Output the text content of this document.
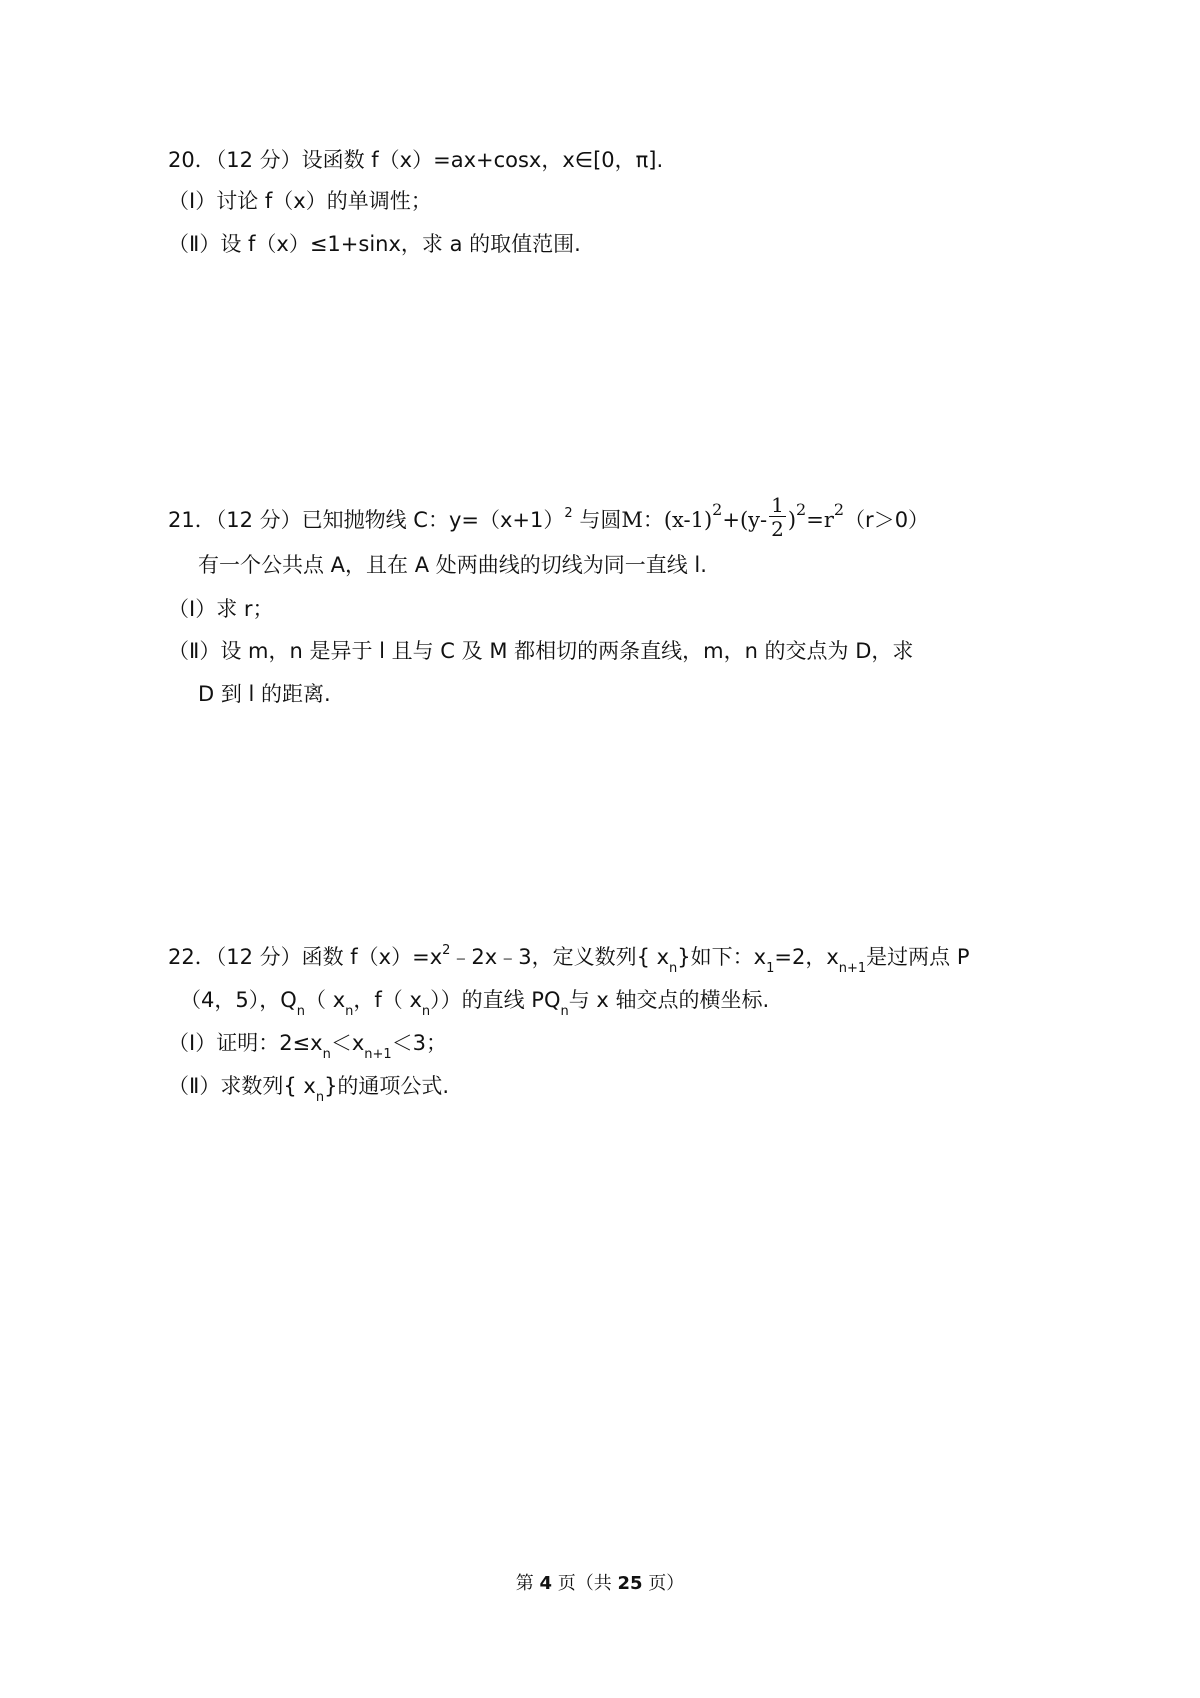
20．（12 分）设函数 f（x）=ax+cosx，x∈[0，π].
（Ⅰ）讨论 f（x）的单调性；
（Ⅱ）设 f（x）≤1+sinx，求 a 的取值范围.
21．（12 分）已知抛物线 C：$y=(x+1)^2$ 与圆M：$(x-1)^2+(y- \frac{1}{2} )^2=r^2(r>0)$
有一个公共点 A，且在 A 处两曲线的切线为同一直线 l.
（Ⅰ）求 r；
（Ⅱ）设 m，n 是异于 l 且与 C 及 M 都相切的两条直线，m，n 的交点为 D，求
D 到 l 的距离.
22．（12 分）函数 $f(x)=x^2﹣2x﹣3$，定义数列{ $x_n$}如下：$x_1=2$，$x_{n+1}$是过两点 P
（4，5），$Q_n$（ $x_n$，f（ $x_n$））的直线 $PQ_n$与 x 轴交点的横坐标.
（Ⅰ）证明：$2\le x_n<x_{n+1}<3$；
（Ⅱ）求数列{ $x_n$}的通项公式.
第 4 页（共 25 页）
